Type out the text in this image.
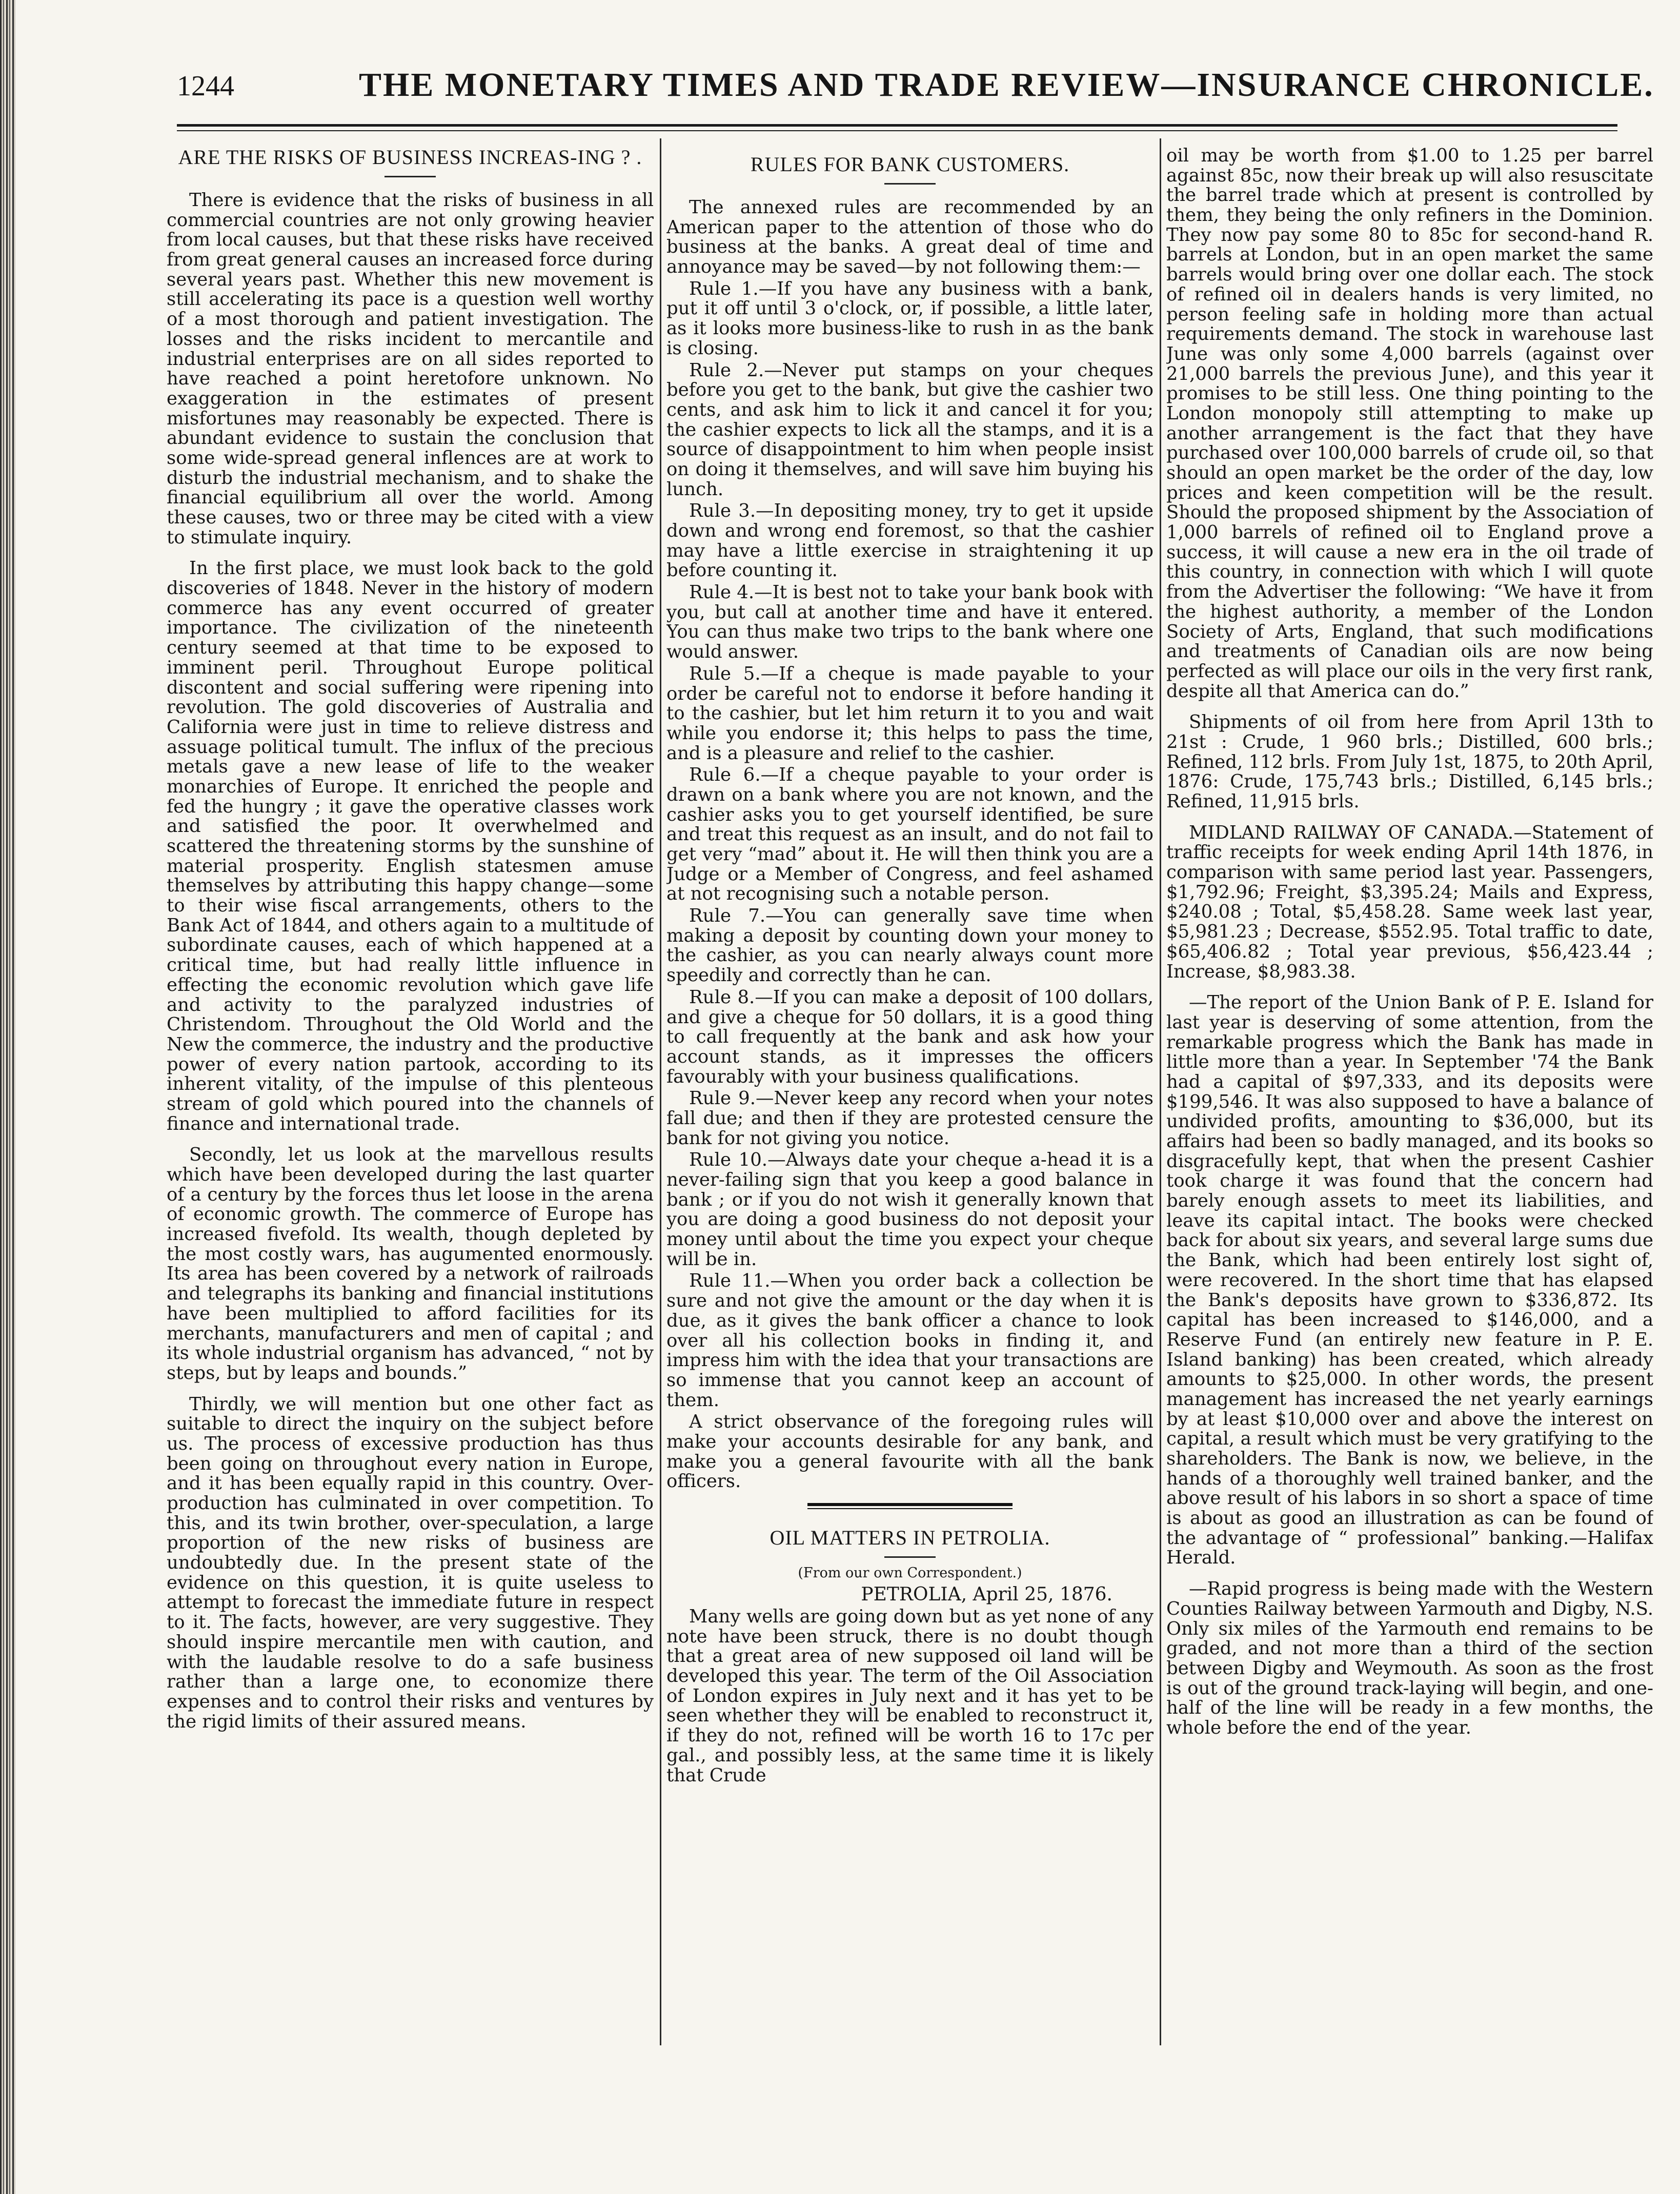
1244	THE MONETARY TIMES AND TRADE REVIEW—INSURANCE CHRONICLE.
ARE THE RISKS OF BUSINESS INCREAS-ING ? .

There is evidence that the risks of business in all commercial countries are not only growing heavier from local causes, but that these risks have received from great general causes an increased force during several years past. Whether this new movement is still accelerating its pace is a question well worthy of a most thorough and patient investigation. The losses and the risks incident to mercantile and industrial enterprises are on all sides reported to have reached a point heretofore unknown. No exaggeration in the estimates of present misfortunes may reasonably be expected. There is abundant evidence to sustain the conclusion that some wide-spread general inflences are at work to disturb the industrial mechanism, and to shake the financial equilibrium all over the world. Among these causes, two or three may be cited with a view to stimulate inquiry.

In the first place, we must look back to the gold discoveries of 1848. Never in the history of modern commerce has any event occurred of greater importance. The civilization of the nineteenth century seemed at that time to be exposed to imminent peril. Throughout Europe political discontent and social suffering were ripening into revolution. The gold discoveries of Australia and California were just in time to relieve distress and assuage political tumult. The influx of the precious metals gave a new lease of life to the weaker monarchies of Europe. It enriched the people and fed the hungry ; it gave the operative classes work and satisfied the poor. It overwhelmed and scattered the threatening storms by the sunshine of material prosperity. English statesmen amuse themselves by attributing this happy change—some to their wise fiscal arrangements, others to the Bank Act of 1844, and others again to a multitude of subordinate causes, each of which happened at a critical time, but had really little influence in effecting the economic revolution which gave life and activity to the paralyzed industries of Christendom. Throughout the Old World and the New the commerce, the industry and the productive power of every nation partook, according to its inherent vitality, of the impulse of this plenteous stream of gold which poured into the channels of finance and international trade.

Secondly, let us look at the marvellous results which have been developed during the last quarter of a century by the forces thus let loose in the arena of economic growth. The commerce of Europe has increased fivefold. Its wealth, though depleted by the most costly wars, has augumented enormously. Its area has been covered by a network of railroads and telegraphs its banking and financial institutions have been multiplied to afford facilities for its merchants, manufacturers and men of capital ; and its whole industrial organism has advanced, “ not by steps, but by leaps and bounds.”

Thirdly, we will mention but one other fact as suitable to direct the inquiry on the subject before us. The process of excessive production has thus been going on throughout every nation in Europe, and it has been equally rapid in this country. Over-production has culminated in over competition. To this, and its twin brother, over-speculation, a large proportion of the new risks of business are undoubtedly due. In the present state of the evidence on this question, it is quite useless to attempt to forecast the immediate future in respect to it. The facts, however, are very suggestive. They should inspire mercantile men with caution, and with the laudable resolve to do a safe business rather than a large one, to economize there expenses and to control their risks and ventures by the rigid limits of their assured means.

RULES FOR BANK CUSTOMERS.

The annexed rules are recommended by an American paper to the attention of those who do business at the banks. A great deal of time and annoyance may be saved—by not following them:—

Rule 1.—If you have any business with a bank, put it off until 3 o'clock, or, if possible, a little later, as it looks more business-like to rush in as the bank is closing.

Rule 2.—Never put stamps on your cheques before you get to the bank, but give the cashier two cents, and ask him to lick it and cancel it for you; the cashier expects to lick all the stamps, and it is a source of disappointment to him when people insist on doing it themselves, and will save him buying his lunch.

Rule 3.—In depositing money, try to get it upside down and wrong end foremost, so that the cashier may have a little exercise in straightening it up before counting it.

Rule 4.—It is best not to take your bank book with you, but call at another time and have it entered. You can thus make two trips to the bank where one would answer.

Rule 5.—If a cheque is made payable to your order be careful not to endorse it before handing it to the cashier, but let him return it to you and wait while you endorse it; this helps to pass the time, and is a pleasure and relief to the cashier.

Rule 6.—If a cheque payable to your order is drawn on a bank where you are not known, and the cashier asks you to get yourself identified, be sure and treat this request as an insult, and do not fail to get very “mad” about it. He will then think you are a Judge or a Member of Congress, and feel ashamed at not recognising such a notable person.

Rule 7.—You can generally save time when making a deposit by counting down your money to the cashier, as you can nearly always count more speedily and correctly than he can.

Rule 8.—If you can make a deposit of 100 dollars, and give a cheque for 50 dollars, it is a good thing to call frequently at the bank and ask how your account stands, as it impresses the officers favourably with your business qualifications.

Rule 9.—Never keep any record when your notes fall due; and then if they are protested censure the bank for not giving you notice.

Rule 10.—Always date your cheque a-head it is a never-failing sign that you keep a good balance in bank ; or if you do not wish it generally known that you are doing a good business do not deposit your money until about the time you expect your cheque will be in.

Rule 11.—When you order back a collection be sure and not give the amount or the day when it is due, as it gives the bank officer a chance to look over all his collection books in finding it, and impress him with the idea that your transactions are so immense that you cannot keep an account of them.

A strict observance of the foregoing rules will make your accounts desirable for any bank, and make you a general favourite with all the bank officers.

OIL MATTERS IN PETROLIA.
(From our own Correspondent.)
PETROLIA, April 25, 1876.

Many wells are going down but as yet none of any note have been struck, there is no doubt though that a great area of new supposed oil land will be developed this year. The term of the Oil Association of London expires in July next and it has yet to be seen whether they will be enabled to reconstruct it, if they do not, refined will be worth 16 to 17c per gal., and possibly less, at the same time it is likely that Crude

oil may be worth from $1.00 to 1.25 per barrel against 85c, now their break up will also resuscitate the barrel trade which at present is controlled by them, they being the only refiners in the Dominion. They now pay some 80 to 85c for second-hand R. barrels at London, but in an open market the same barrels would bring over one dollar each. The stock of refined oil in dealers hands is very limited, no person feeling safe in holding more than actual requirements demand. The stock in warehouse last June was only some 4,000 barrels (against over 21,000 barrels the previous June), and this year it promises to be still less. One thing pointing to the London monopoly still attempting to make up another arrangement is the fact that they have purchased over 100,000 barrels of crude oil, so that should an open market be the order of the day, low prices and keen competition will be the result. Should the proposed shipment by the Association of 1,000 barrels of refined oil to England prove a success, it will cause a new era in the oil trade of this country, in connection with which I will quote from the Advertiser the following: “We have it from the highest authority, a member of the London Society of Arts, England, that such modifications and treatments of Canadian oils are now being perfected as will place our oils in the very first rank, despite all that America can do.”

Shipments of oil from here from April 13th to 21st : Crude, 1 960 brls.; Distilled, 600 brls.; Refined, 112 brls. From July 1st, 1875, to 20th April, 1876: Crude, 175,743 brls.; Distilled, 6,145 brls.; Refined, 11,915 brls.

MIDLAND RAILWAY OF CANADA.—Statement of traffic receipts for week ending April 14th 1876, in comparison with same period last year. Passengers, $1,792.96; Freight, $3,395.24; Mails and Express, $240.08 ; Total, $5,458.28. Same week last year, $5,981.23 ; Decrease, $552.95. Total traffic to date, $65,406.82 ; Total year previous, $56,423.44 ; Increase, $8,983.38.

—The report of the Union Bank of P. E. Island for last year is deserving of some attention, from the remarkable progress which the Bank has made in little more than a year. In September '74 the Bank had a capital of $97,333, and its deposits were $199,546. It was also supposed to have a balance of undivided profits, amounting to $36,000, but its affairs had been so badly managed, and its books so disgracefully kept, that when the present Cashier took charge it was found that the concern had barely enough assets to meet its liabilities, and leave its capital intact. The books were checked back for about six years, and several large sums due the Bank, which had been entirely lost sight of, were recovered. In the short time that has elapsed the Bank's deposits have grown to $336,872. Its capital has been increased to $146,000, and a Reserve Fund (an entirely new feature in P. E. Island banking) has been created, which already amounts to $25,000. In other words, the present management has increased the net yearly earnings by at least $10,000 over and above the interest on capital, a result which must be very gratifying to the shareholders. The Bank is now, we believe, in the hands of a thoroughly well trained banker, and the above result of his labors in so short a space of time is about as good an illustration as can be found of the advantage of “ professional” banking.—Halifax Herald.

—Rapid progress is being made with the Western Counties Railway between Yarmouth and Digby, N.S. Only six miles of the Yarmouth end remains to be graded, and not more than a third of the section between Digby and Weymouth. As soon as the frost is out of the ground track-laying will begin, and one-half of the line will be ready in a few months, the whole before the end of the year.
